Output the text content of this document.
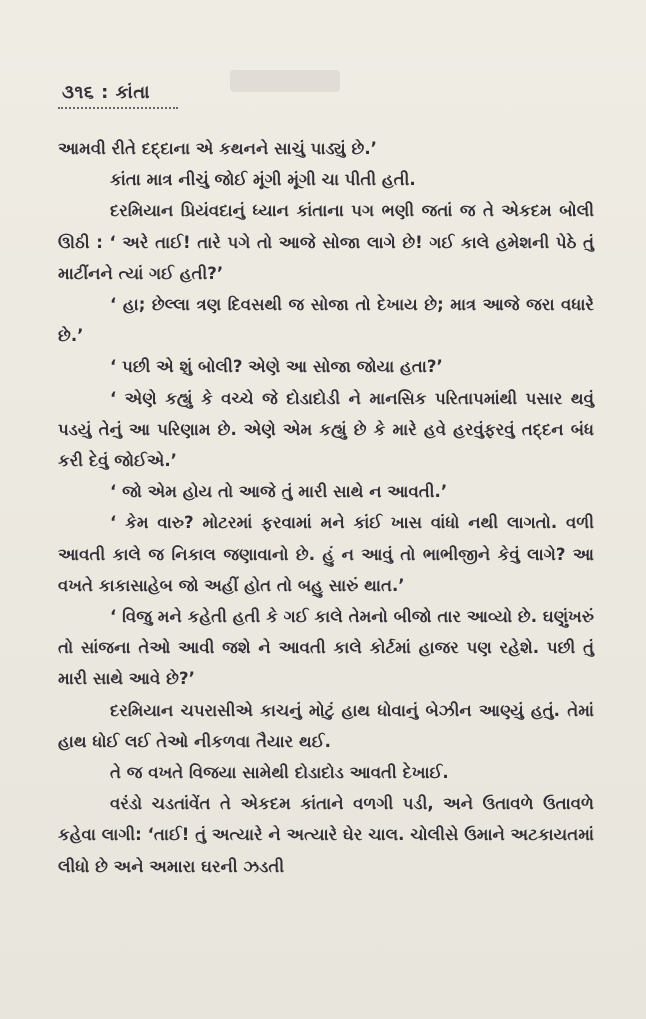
૩૧૬ : કાંતા

આમવી રીતે દદ્દાના એ કથનને સાચું પાડ્યું છે.’

કાંતા માત્ર નીચું જોઈ મૂંગી મૂંગી ચા પીતી હતી.

દરમિયાન પ્રિયંવદાનું ધ્યાન કાંતાના પગ ભણી જતાં જ તે એકદમ બોલી ઊઠી : ‘ અરે તાઈ! તારે પગે તો આજે સોજા લાગે છે! ગઈ કાલે હમેશની પેઠે તું માટીંનને ત્યાં ગઈ હતી?’

‘ હા; છેલ્લા ત્રણ દિવસથી જ સોજા તો દેખાય છે; માત્ર આજે જરા વધારે છે.’

‘ પછી એ શું બોલી? એણે આ સોજા જોયા હતા?’

‘ એણે કહ્યું કે વચ્ચે જે દોડાદોડી ને માનસિક પરિતાપમાંથી પસાર થવું પડયું તેનું આ પરિણામ છે. એણે એમ કહ્યું છે કે મારે હવે હરવુંફરવું તદ્દન બંધ કરી દેવું જોઈએ.’

‘ જો એમ હોય તો આજે તું મારી સાથે ન આવતી.’

‘ કેમ વારુ? મોટરમાં ફરવામાં મને કાંઈ ખાસ વાંધો નથી લાગતો. વળી આવતી કાલે જ નિકાલ જણાવાનો છે. હું ન આવું તો ભાભીજીને કેવું લાગે? આ વખતે કાકાસાહેબ જો અહીં હોત તો બહુ સારું થાત.’

‘ વિજુ મને કહેતી હતી કે ગઈ કાલે તેમનો બીજો તાર આવ્યો છે. ઘણુંખરું તો સાંજના તેઓ આવી જશે ને આવતી કાલે કોર્ટમાં હાજર પણ રહેશે. પછી તું મારી સાથે આવે છે?’

દરમિયાન ચપરાસીએ કાચનું મોટું હાથ ધોવાનું બેઝીન આણ્યું હતું. તેમાં હાથ ધોઈ લઈ તેઓ નીકળવા તૈયાર થઈ.

તે જ વખતે વિજયા સામેથી દોડાદોડ આવતી દેખાઈ.

વરંડો ચડતાંવેંત તે એકદમ કાંતાને વળગી પડી, અને ઉતાવળે ઉતાવળે કહેવા લાગી: ‘તાઈ! તું અત્યારે ને અત્યારે ઘેર ચાલ. ચોલીસે ઉમાને અટકાયતમાં લીધો છે અને અમારા ઘરની ઝડતી
